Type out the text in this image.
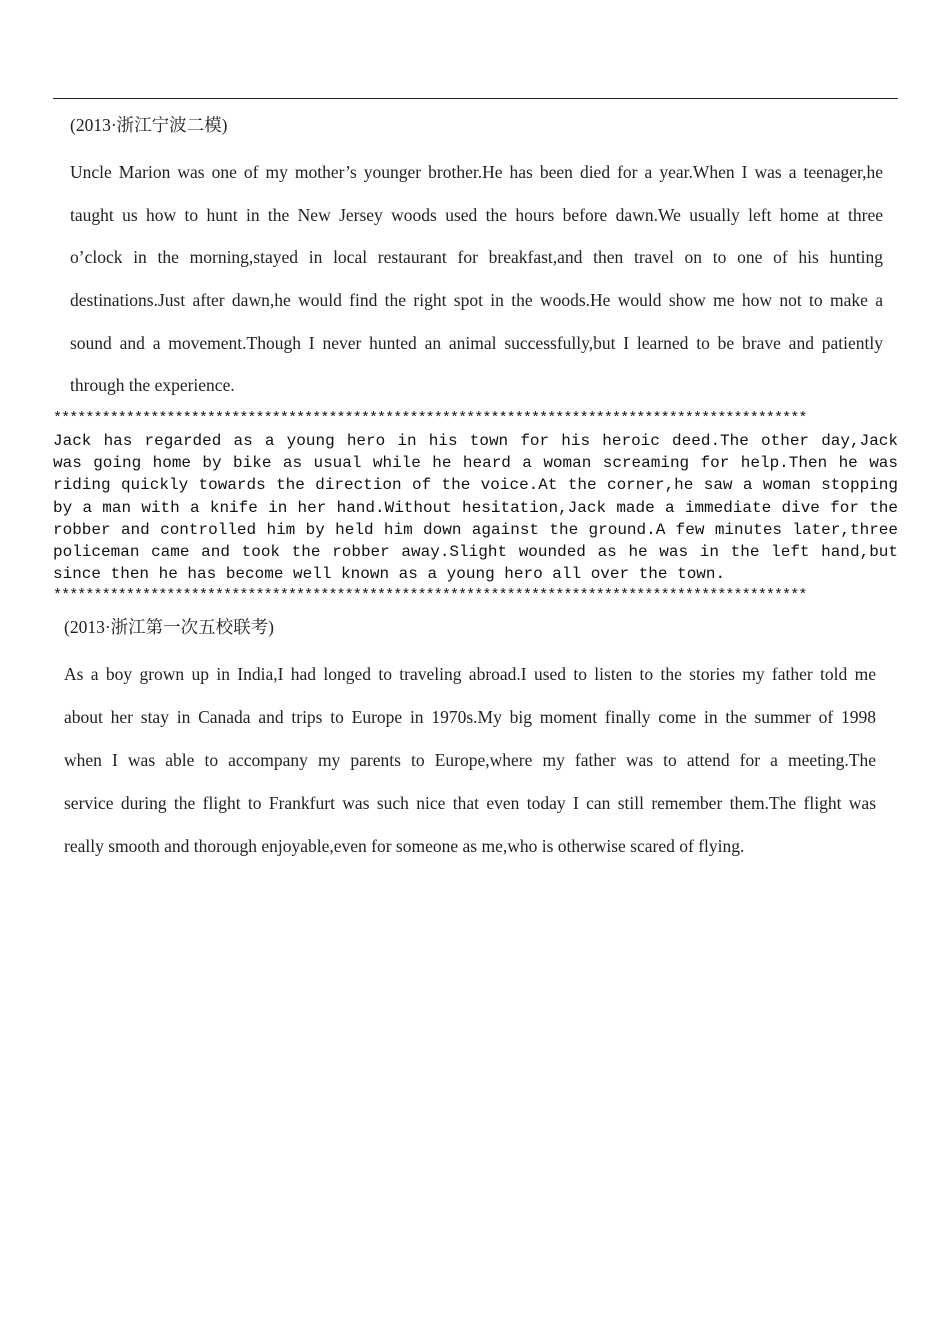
(2013·浙江宁波二模)
Uncle Marion was one of my mother’s younger brother.He has been died for a year.When I was a teenager,he
taught us how to hunt in the New Jersey woods used the hours before dawn.We usually left home at three
o’clock in the morning,stayed in local restaurant for breakfast,and then travel on to one of his hunting
destinations.Just after dawn,he would find the right spot in the woods.He would show me how not to make a
sound and a movement.Though I never hunted an animal successfully,but I learned to be brave and patiently
through the experience.
*********************************************************************************************
Jack has regarded as a young hero in his town for his heroic deed.The other day,Jack
was going home by bike as usual while he heard a woman screaming for help.Then he was
riding quickly towards the direction of the voice.At the corner,he saw a woman stopping
by a man with a knife in her hand.Without hesitation,Jack made a immediate dive for the
robber and controlled him by held him down against the ground.A few minutes later,three
policeman came and took the robber away.Slight wounded as he was in the left hand,but
since then he has become well known as a young hero all over the town.
*********************************************************************************************
(2013·浙江第一次五校联考)
As a boy grown up in India,I had longed to traveling abroad.I used to listen to the stories my father told me
about her stay in Canada and trips to Europe in 1970s.My big moment finally come in the summer of 1998
when I was able to accompany my parents to Europe,where my father was to attend for a meeting.The
service during the flight to Frankfurt was such nice that even today I can still remember them.The flight was
really smooth and thorough enjoyable,even for someone as me,who is otherwise scared of flying.
